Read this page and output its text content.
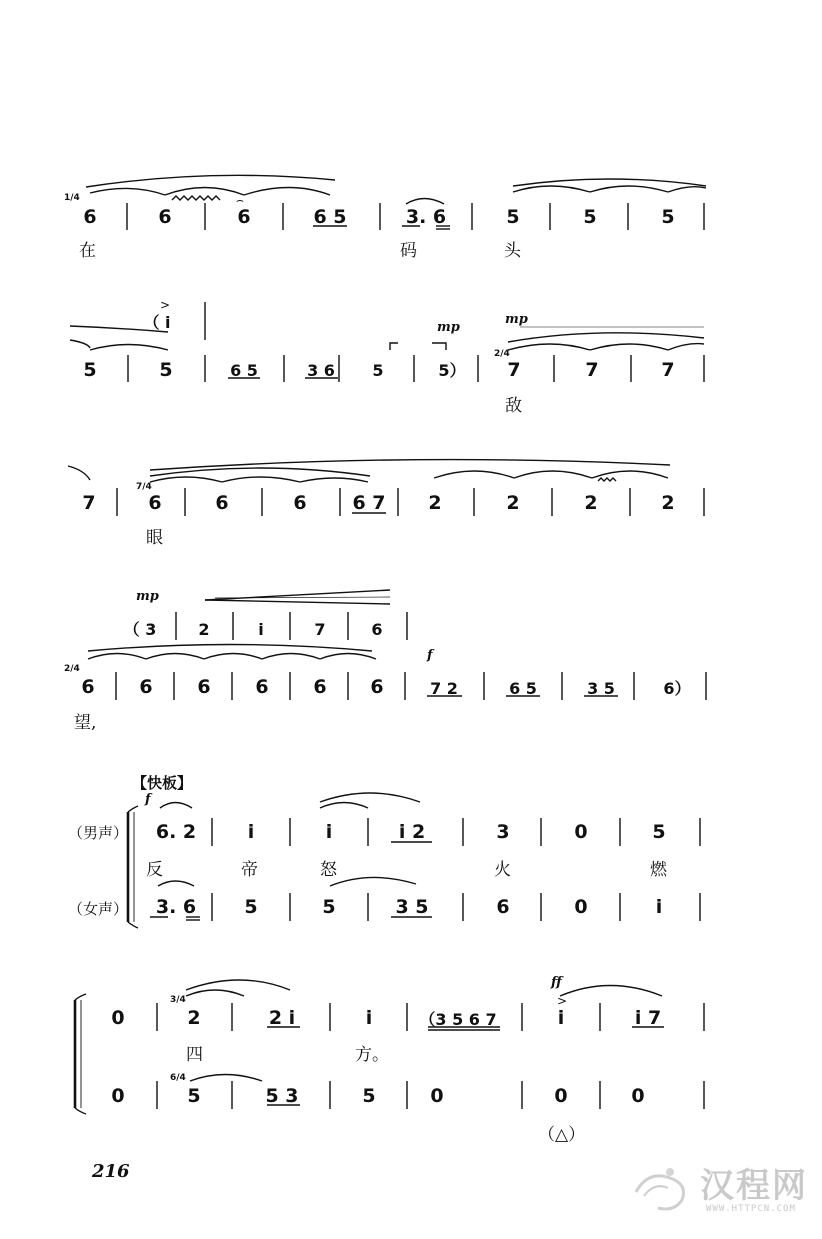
1/4
2/4
7/4
2/4
3/4
6/4
6	6	6	6 5	3. 6	5	5	5
⌢
在	码	头
（ i
>
mp
mp
5	5	6 5	3 6 5	5） 7	7	7
敌
7	6	6	6 6 7 2	2	2	2
眼
mp
（ 3	2	i	7	6
f
6 6 6 6 6 6	7 2	6 5	3 5	6）
望,
【快板】
f
（男声）
（女声）
6. 2	i	i	i 2	3	0	5
反	帝	怒	火	燃
3. 6	5	5	3 5	6	0	i
ff
>
0	2	2 i	i	（3 5 6 7	i	i 7
四	方。
0	5	5 3	5	0	0	0
（△）
216	汉程网
WWW.HTTPCN.COM
